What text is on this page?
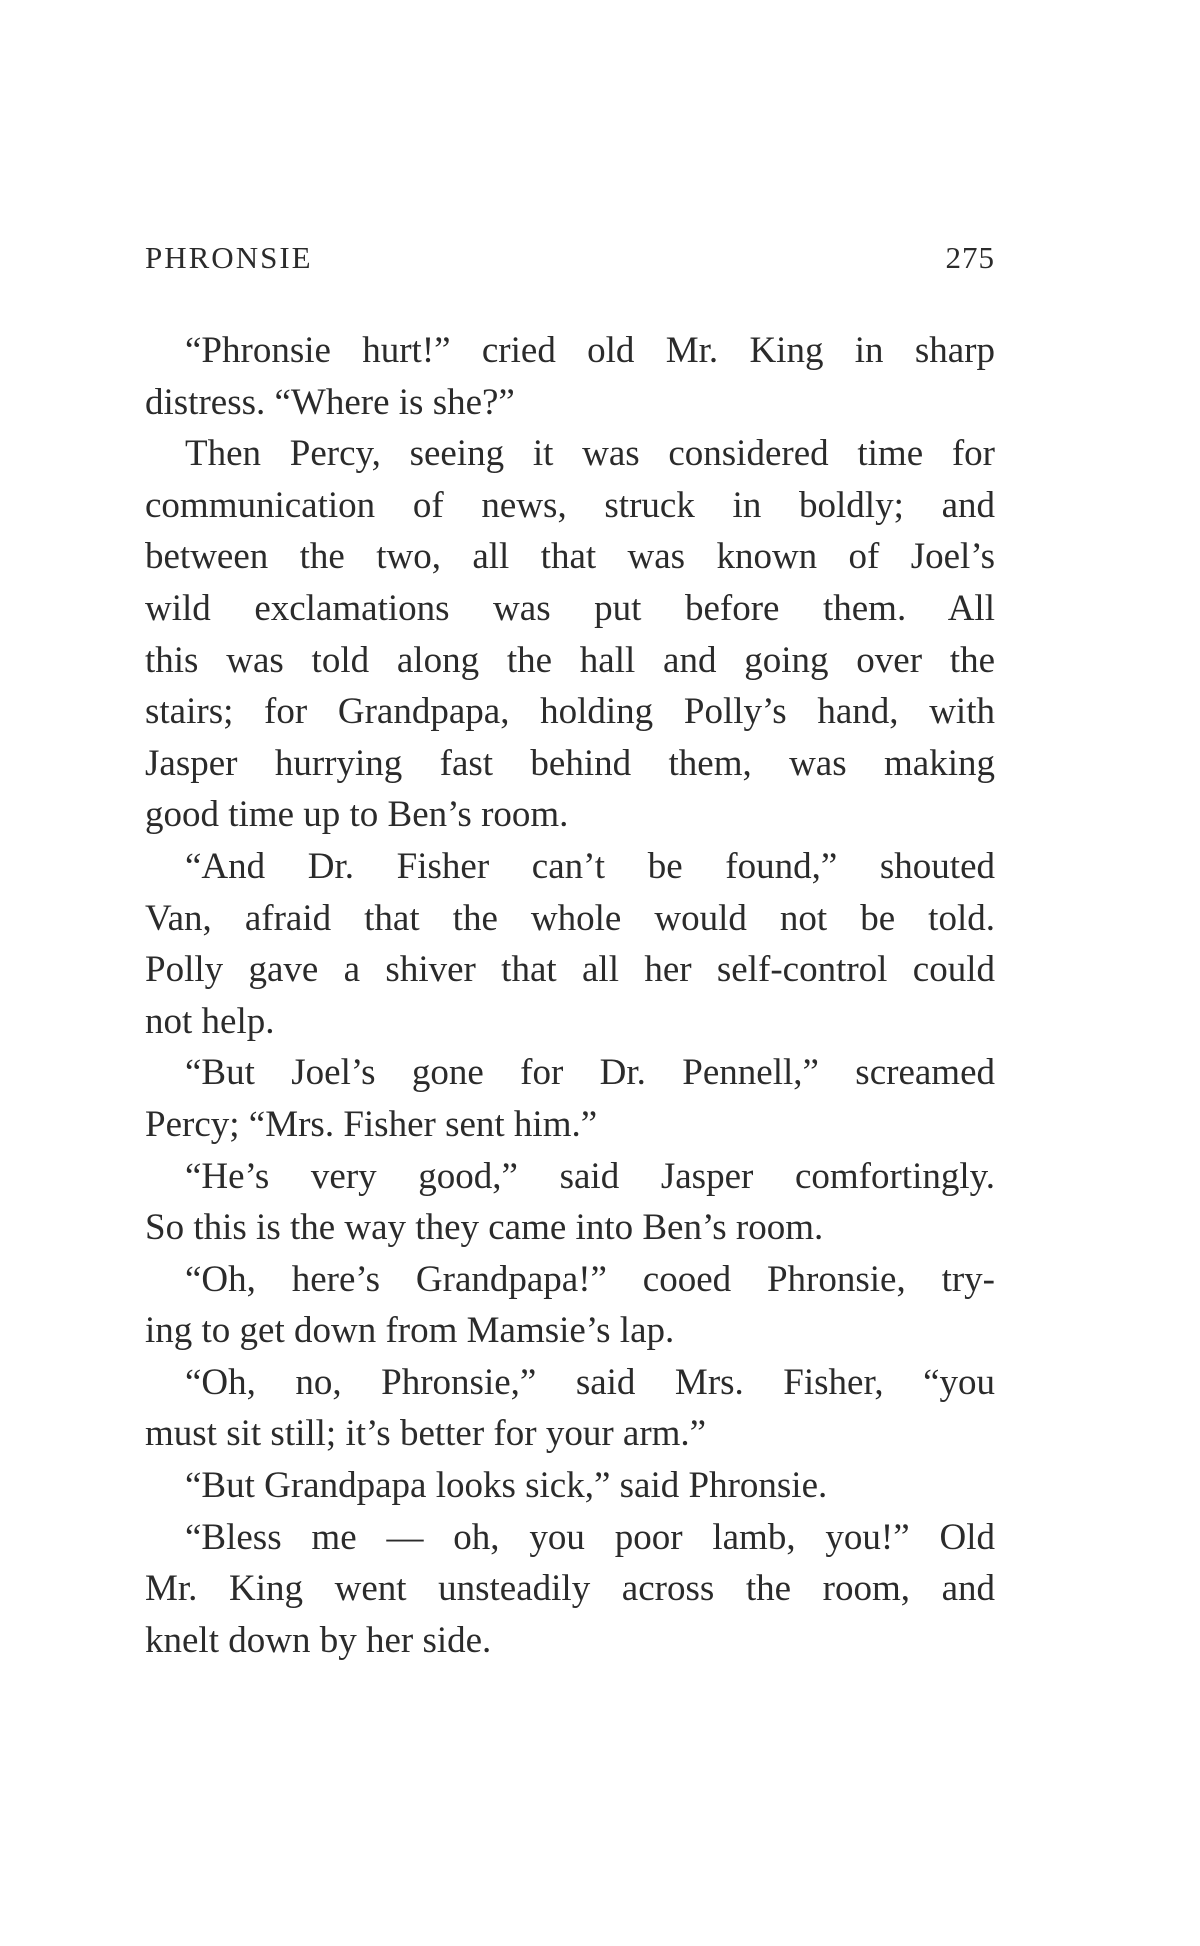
PHRONSIE	275

“Phronsie hurt!” cried old Mr. King in sharp
distress. “Where is she?”

Then Percy, seeing it was considered time for
communication of news, struck in boldly; and
between the two, all that was known of Joel’s
wild exclamations was put before them. All
this was told along the hall and going over the
stairs; for Grandpapa, holding Polly’s hand, with
Jasper hurrying fast behind them, was making
good time up to Ben’s room.

“And Dr. Fisher can’t be found,” shouted
Van, afraid that the whole would not be told.
Polly gave a shiver that all her self-control could
not help.

“But Joel’s gone for Dr. Pennell,” screamed
Percy; “Mrs. Fisher sent him.”

“He’s very good,” said Jasper comfortingly.
So this is the way they came into Ben’s room.

“Oh, here’s Grandpapa!” cooed Phronsie, try-
ing to get down from Mamsie’s lap.

“Oh, no, Phronsie,” said Mrs. Fisher, “you
must sit still; it’s better for your arm.”

“But Grandpapa looks sick,” said Phronsie.

“Bless me — oh, you poor lamb, you!” Old
Mr. King went unsteadily across the room, and
knelt down by her side.
